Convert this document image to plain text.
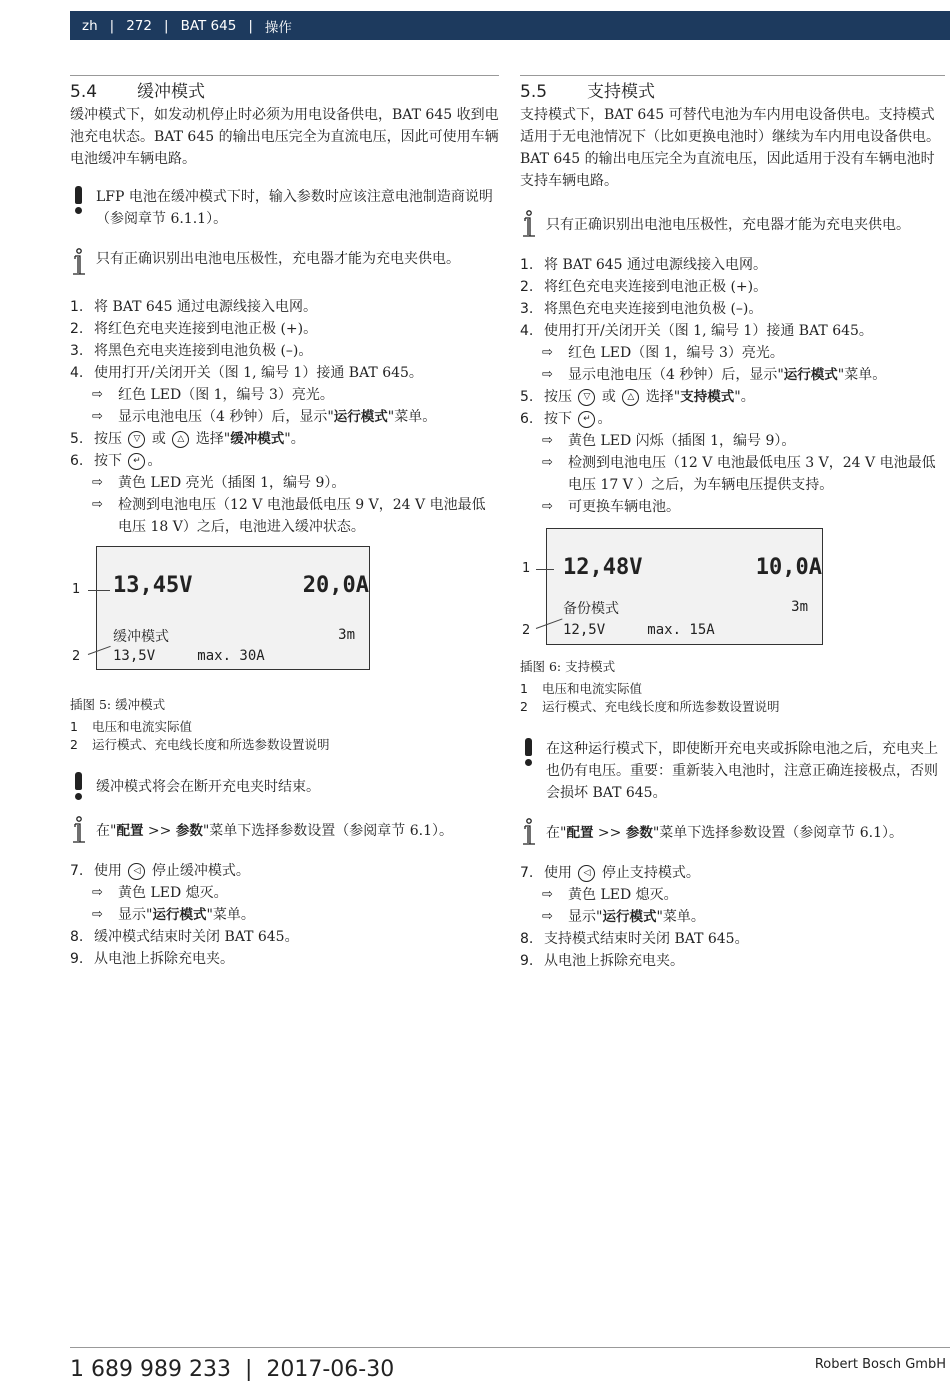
zh | 272 | BAT 645 | 操作
5.4	缓冲模式

缓冲模式下，如发动机停止时必须为用电设备供电，BAT 645 收到电池充电状态。BAT 645 的输出电压完全为直流电压，因此可使用车辆电池缓冲车辆电路。

LFP 电池在缓冲模式下时，输入参数时应该注意电池制造商说明（参阅章节 6.1.1）。
只有正确识别出电池电压极性，充电器才能为充电夹供电。
1. 将 BAT 645 通过电源线接入电网。
2. 将红色充电夹连接到电池正极 (+)。
3. 将黑色充电夹连接到电池负极 (–)。
4. 使用打开/关闭开关（图 1, 编号 1）接通 BAT 645。
⇨	红色 LED（图 1，编号 3）亮光。
⇨	显示电池电压（4 秒钟）后，显示"运行模式"菜单。
5. 按压 ▽ 或 △ 选择"缓冲模式"。
6. 按下 ↵ 。
⇨	黄色 LED 亮光（插图 1，编号 9）。
⇨	检测到电池电压（12 V 电池最低电压 9 V，24 V 电池最低电压 18 V）之后，电池进入缓冲状态。
13,45V	20,0A
缓冲模式	3m
13,5V     max. 30A
1
2
插图 5: 缓冲模式
1	电压和电流实际值
2	运行模式、充电线长度和所选参数设置说明
缓冲模式将会在断开充电夹时结束。
在"配置 >> 参数"菜单下选择参数设置（参阅章节 6.1）。
7. 使用 ◁ 停止缓冲模式。
⇨	黄色 LED 熄灭。
⇨	显示"运行模式"菜单。
8. 缓冲模式结束时关闭 BAT 645。
9. 从电池上拆除充电夹。
5.5	支持模式

支持模式下，BAT 645 可替代电池为车内用电设备供电。支持模式适用于无电池情况下（比如更换电池时）继续为车内用电设备供电。BAT 645 的输出电压完全为直流电压，因此适用于没有车辆电池时支持车辆电路。

只有正确识别出电池电压极性，充电器才能为充电夹供电。
1. 将 BAT 645 通过电源线接入电网。
2. 将红色充电夹连接到电池正极 (+)。
3. 将黑色充电夹连接到电池负极 (–)。
4. 使用打开/关闭开关（图 1, 编号 1）接通 BAT 645。
⇨	红色 LED（图 1，编号 3）亮光。
⇨	显示电池电压（4 秒钟）后，显示"运行模式"菜单。
5. 按压 ▽ 或 △ 选择"支持模式"。
6. 按下 ↵ 。
⇨	黄色 LED 闪烁（插图 1，编号 9）。
⇨	检测到电池电压（12 V 电池最低电压 3 V，24 V 电池最低电压 17 V ）之后，为车辆电压提供支持。
⇨	可更换车辆电池。
12,48V	10,0A
备份模式	3m
12,5V     max. 15A
1
2
插图 6: 支持模式
1	电压和电流实际值
2	运行模式、充电线长度和所选参数设置说明
在这种运行模式下，即使断开充电夹或拆除电池之后，充电夹上也仍有电压。重要：重新装入电池时，注意正确连接极点，否则会损坏 BAT 645。
在"配置 >> 参数"菜单下选择参数设置（参阅章节 6.1）。
7. 使用 ◁ 停止支持模式。
⇨	黄色 LED 熄灭。
⇨	显示"运行模式"菜单。
8. 支持模式结束时关闭 BAT 645。
9. 从电池上拆除充电夹。
1 689 989 233  |  2017-06-30	Robert Bosch GmbH
